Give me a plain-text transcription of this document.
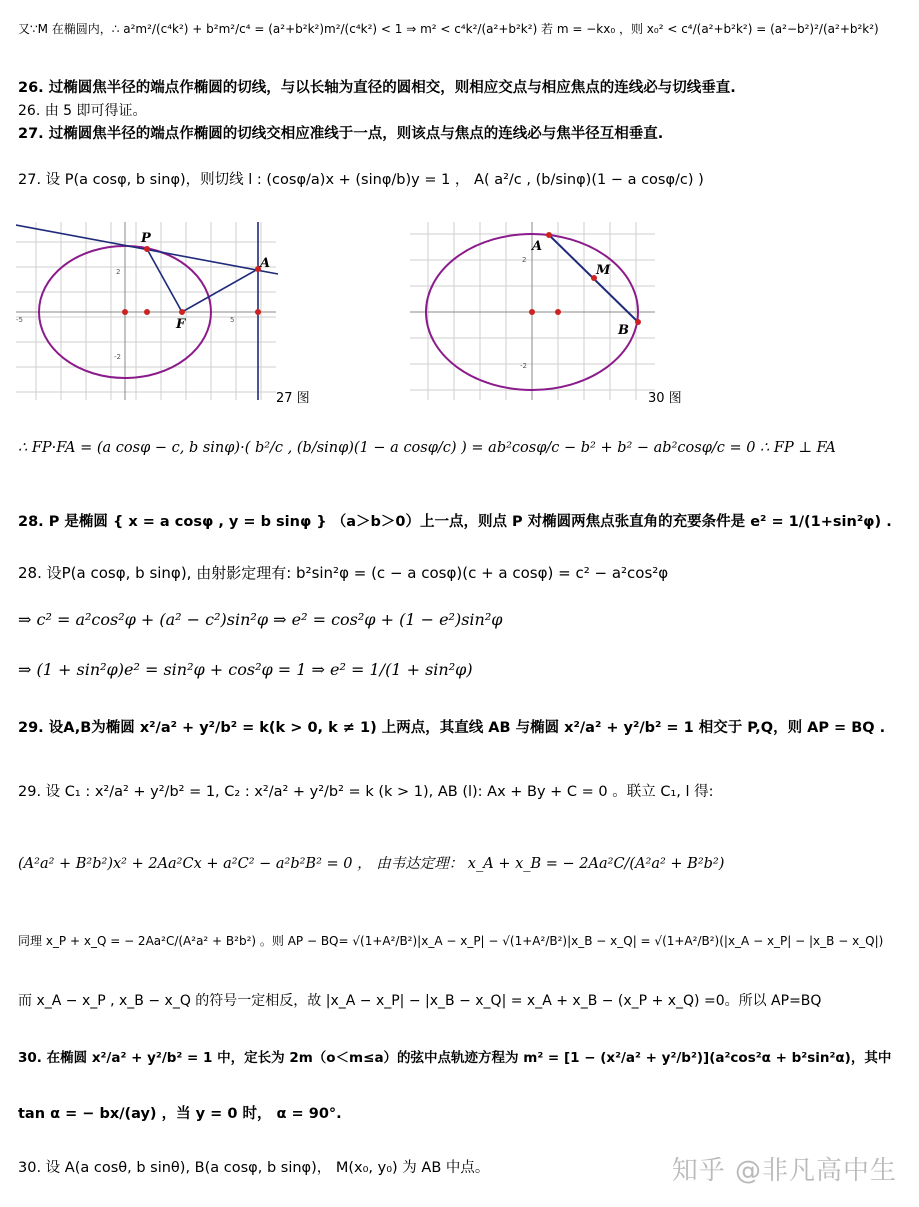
又∵M 在椭圆内，∴ a²m²/(c⁴k²) + b²m²/c⁴ = (a²+b²k²)m²/(c⁴k²) < 1 ⇒ m² < c⁴k²/(a²+b²k²) 若 m = −kx₀ ，则 x₀² < c⁴/(a²+b²k²) = (a²−b²)²/(a²+b²k²)
26. 过椭圆焦半径的端点作椭圆的切线，与以长轴为直径的圆相交，则相应交点与相应焦点的连线必与切线垂直.
26. 由 5 即可得证。
27. 过椭圆焦半径的端点作椭圆的切线交相应准线于一点，则该点与焦点的连线必与焦半径互相垂直.
27. 设 P(a cosφ, b sinφ)，则切线 l : (cosφ/a)x + (sinφ/b)y = 1 ， A( a²/c , (b/sinφ)(1 − a cosφ/c) )
P
A
F
2
-2
5
-5
27 图
A
M
B
2
-2
30 图
∴ FP·FA = (a cosφ − c, b sinφ)·( b²/c , (b/sinφ)(1 − a cosφ/c) ) = ab²cosφ/c − b² + b² − ab²cosφ/c = 0 ∴ FP ⊥ FA
28. P 是椭圆 { x = a cosφ , y = b sinφ } （a＞b＞0）上一点，则点 P 对椭圆两焦点张直角的充要条件是 e² = 1/(1+sin²φ) .
28. 设P(a cosφ, b sinφ), 由射影定理有: b²sin²φ = (c − a cosφ)(c + a cosφ) = c² − a²cos²φ
⇒ c² = a²cos²φ + (a² − c²)sin²φ ⇒ e² = cos²φ + (1 − e²)sin²φ
⇒ (1 + sin²φ)e² = sin²φ + cos²φ = 1 ⇒ e² = 1/(1 + sin²φ)
29. 设A,B为椭圆 x²/a² + y²/b² = k(k > 0, k ≠ 1) 上两点，其直线 AB 与椭圆 x²/a² + y²/b² = 1 相交于 P,Q，则 AP = BQ .
29. 设 C₁ : x²/a² + y²/b² = 1, C₂ : x²/a² + y²/b² = k (k > 1), AB (l): Ax + By + C = 0 。联立 C₁, l 得:
(A²a² + B²b²)x² + 2Aa²Cx + a²C² − a²b²B² = 0 ， 由韦达定理： x_A + x_B = − 2Aa²C/(A²a² + B²b²)
同理 x_P + x_Q = − 2Aa²C/(A²a² + B²b²) 。则 AP − BQ= √(1+A²/B²)|x_A − x_P| − √(1+A²/B²)|x_B − x_Q| = √(1+A²/B²)(|x_A − x_P| − |x_B − x_Q|)
而 x_A − x_P , x_B − x_Q 的符号一定相反，故 |x_A − x_P| − |x_B − x_Q| = x_A + x_B − (x_P + x_Q) =0。所以 AP=BQ
30. 在椭圆 x²/a² + y²/b² = 1 中，定长为 2m（o＜m≤a）的弦中点轨迹方程为 m² = [1 − (x²/a² + y²/b²)](a²cos²α + b²sin²α)，其中
tan α = − bx/(ay) ，当 y = 0 时， α = 90°.
30. 设 A(a cosθ, b sinθ), B(a cosφ, b sinφ)， M(x₀, y₀) 为 AB 中点。	知乎 @非凡高中生
